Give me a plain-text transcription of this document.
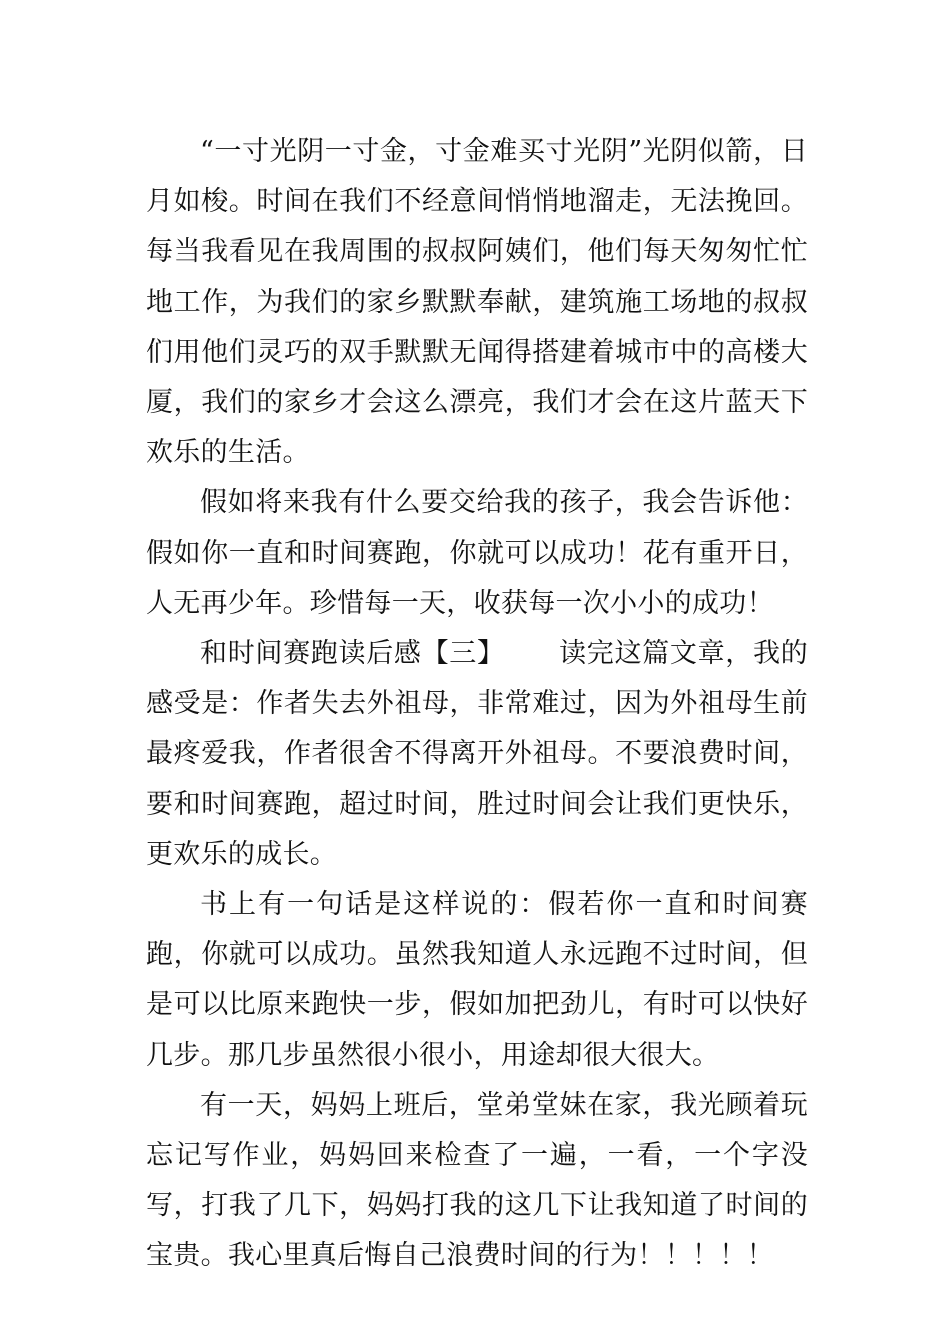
“一寸光阴一寸金，寸金难买寸光阴”光阴似箭，日月如梭。时间在我们不经意间悄悄地溜走，无法挽回。每当我看见在我周围的叔叔阿姨们，他们每天匆匆忙忙地工作，为我们的家乡默默奉献，建筑施工场地的叔叔们用他们灵巧的双手默默无闻得搭建着城市中的高楼大厦，我们的家乡才会这么漂亮，我们才会在这片蓝天下欢乐的生活。

假如将来我有什么要交给我的孩子，我会告诉他：假如你一直和时间赛跑，你就可以成功！花有重开日，人无再少年。珍惜每一天，收获每一次小小的成功！

和时间赛跑读后感【三】 读完这篇文章，我的感受是：作者失去外祖母，非常难过，因为外祖母生前最疼爱我，作者很舍不得离开外祖母。不要浪费时间，要和时间赛跑，超过时间，胜过时间会让我们更快乐，更欢乐的成长。

书上有一句话是这样说的：假若你一直和时间赛跑，你就可以成功。虽然我知道人永远跑不过时间，但是可以比原来跑快一步，假如加把劲儿，有时可以快好几步。那几步虽然很小很小，用途却很大很大。

有一天，妈妈上班后，堂弟堂妹在家，我光顾着玩忘记写作业，妈妈回来检查了一遍，一看，一个字没写，打我了几下，妈妈打我的这几下让我知道了时间的宝贵。我心里真后悔自己浪费时间的行为！！！！！
